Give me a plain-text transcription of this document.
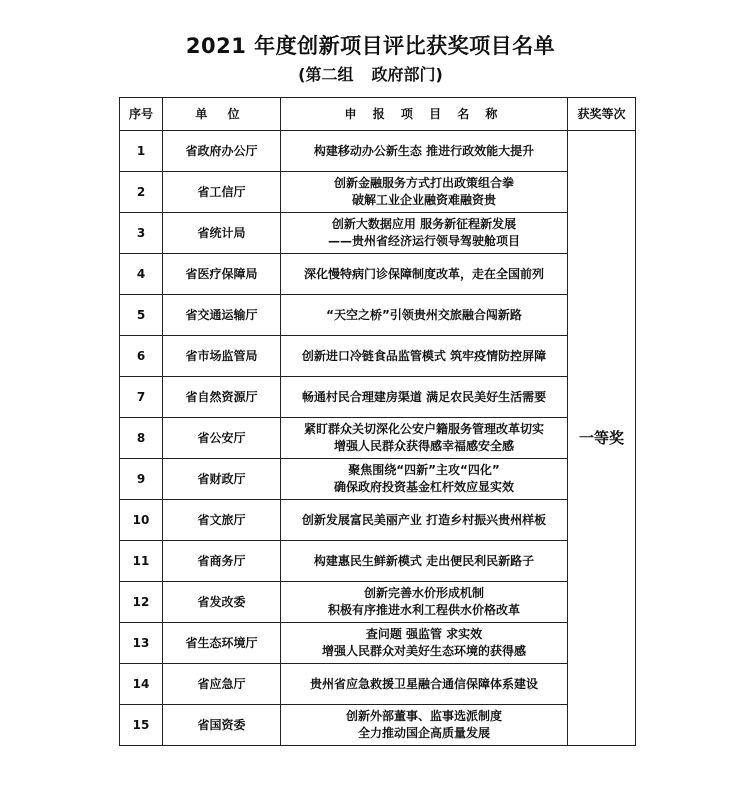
2021 年度创新项目评比获奖项目名单
(第二组 政府部门)
序号	单 位	申 报 项 目 名 称	获奖等次
1	省政府办公厅	构建移动办公新生态 推进行政效能大提升	一等奖
2	省工信厅	创新金融服务方式打出政策组合拳
破解工业企业融资难融资贵	

3	省统计局	创新大数据应用 服务新征程新发展
——贵州省经济运行领导驾驶舱项目	

4	省医疗保障局	深化慢特病门诊保障制度改革，走在全国前列	

5	省交通运输厅	“天空之桥”引领贵州交旅融合闯新路	

6	省市场监管局	创新进口冷链食品监管模式 筑牢疫情防控屏障	

7	省自然资源厅	畅通村民合理建房渠道 满足农民美好生活需要	

8	省公安厅	紧盯群众关切深化公安户籍服务管理改革切实
增强人民群众获得感幸福感安全感	

9	省财政厅	聚焦围绕“四新”主攻“四化”
确保政府投资基金杠杆效应显实效	

10	省文旅厅	创新发展富民美丽产业 打造乡村振兴贵州样板	

11	省商务厅	构建惠民生鲜新模式 走出便民利民新路子	

12	省发改委	创新完善水价形成机制
积极有序推进水利工程供水价格改革	

13	省生态环境厅	查问题 强监管 求实效
增强人民群众对美好生态环境的获得感	

14	省应急厅	贵州省应急救援卫星融合通信保障体系建设	

15	省国资委	创新外部董事、监事选派制度
全力推动国企高质量发展	
